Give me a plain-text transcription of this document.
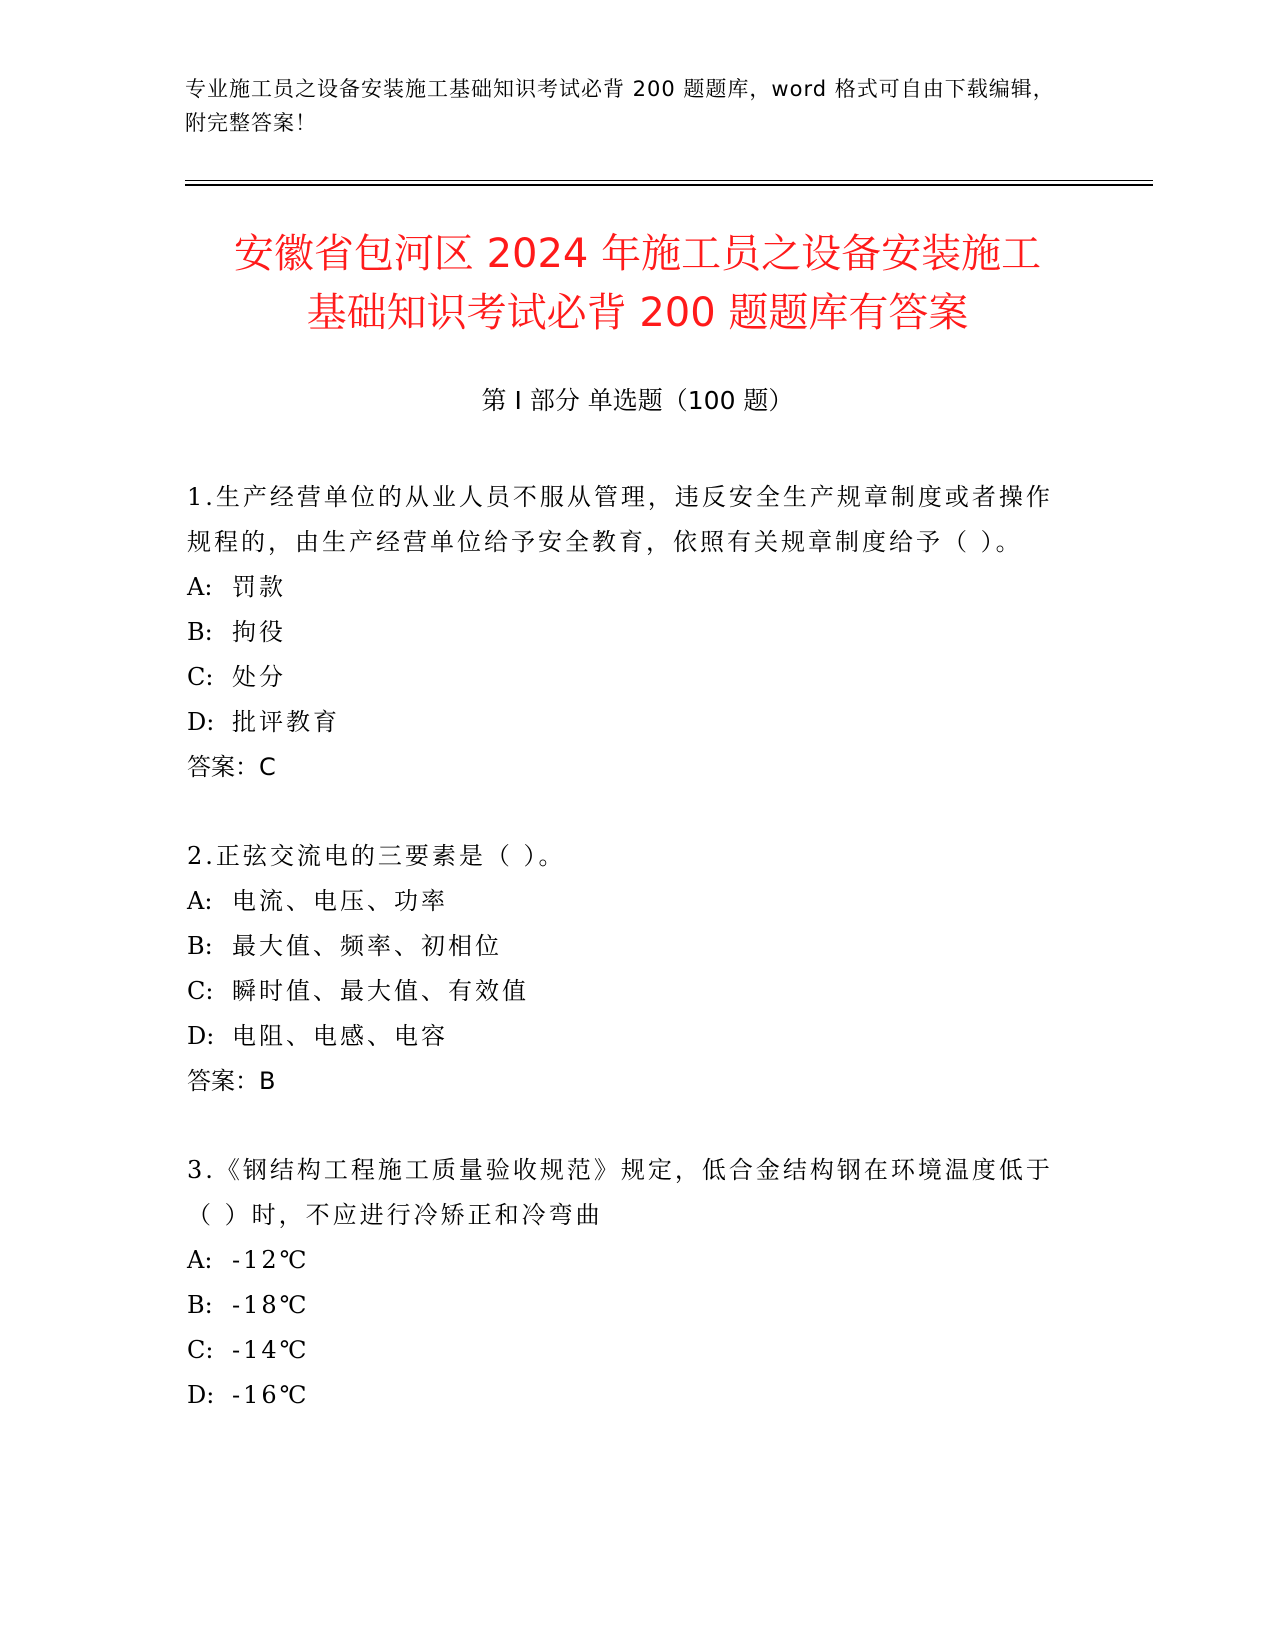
专业施工员之设备安装施工基础知识考试必背 200 题题库，word 格式可自由下载编辑，附完整答案！
安徽省包河区 2024 年施工员之设备安装施工
基础知识考试必背 200 题题库有答案
第 I 部分 单选题（100 题）
1.生产经营单位的从业人员不服从管理，违反安全生产规章制度或者操作规程的，由生产经营单位给予安全教育，依照有关规章制度给予（ ）。
A: 罚款
B: 拘役
C: 处分
D: 批评教育
答案：C
2.正弦交流电的三要素是（ ）。
A: 电流、电压、功率
B: 最大值、频率、初相位
C: 瞬时值、最大值、有效值
D: 电阻、电感、电容
答案：B
3.《钢结构工程施工质量验收规范》规定，低合金结构钢在环境温度低于（ ）时，不应进行冷矫正和冷弯曲
A: -12℃
B: -18℃
C: -14℃
D: -16℃
